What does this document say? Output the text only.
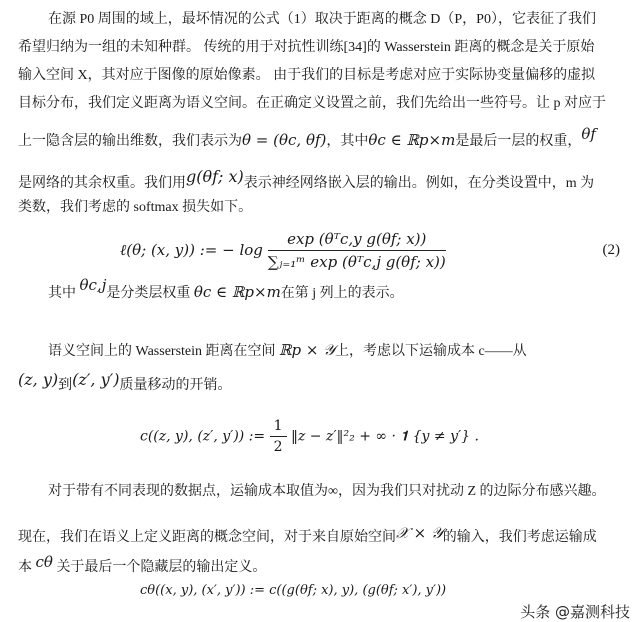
在源 P0 周围的域上，最坏情况的公式（1）取决于距离的概念 D（P，P0），它表征了我们
希望归纳为一组的未知种群。 传统的用于对抗性训练[34]的 Wasserstein 距离的概念是关于原始
输入空间 X，其对应于图像的原始像素。 由于我们的目标是考虑对应于实际协变量偏移的虚拟
目标分布，我们定义距离为语义空间。在正确定义设置之前，我们先给出一些符号。让 p 对应于
上一隐含层的输出维数，我们表示为θ = (θc, θf)，其中θc ∈ ℝp×m是最后一层的权重，θf
是网络的其余权重。我们用g(θf; x)表示神经网络嵌入层的输出。例如，在分类设置中，m 为
类数，我们考虑的 softmax 损失如下。
ℓ(θ; (x, y)) := − $\log \frac{\text{exp (θᵀc,y g(θf; x))}}{\text{∑ⱼ₌₁ᵐ exp (θᵀc,j g(θf; x))}}$	(2)
其中 θc,j是分类层权重 θc ∈ ℝp×m在第 j 列上的表示。
语义空间上的 Wasserstein 距离在空间 ℝp × 𝒴上，考虑以下运输成本 c——从
(z, y)到(z′, y′)质量移动的开销。
c((z, y), (z′, y′)) := $\frac{1}{2}$ ‖z − z′‖²₂ + ∞ · 𝟏 {y ≠ y′} .
对于带有不同表现的数据点，运输成本取值为∞，因为我们只对扰动 Z 的边际分布感兴趣。
现在，我们在语义上定义距离的概念空间，对于来自原始空间𝒳 × 𝒴的输入，我们考虑运输成
本 cθ 关于最后一个隐藏层的输出定义。
cθ((x, y), (x′, y′)) := c((g(θf; x), y), (g(θf; x′), y′))
头条 @嘉测科技
